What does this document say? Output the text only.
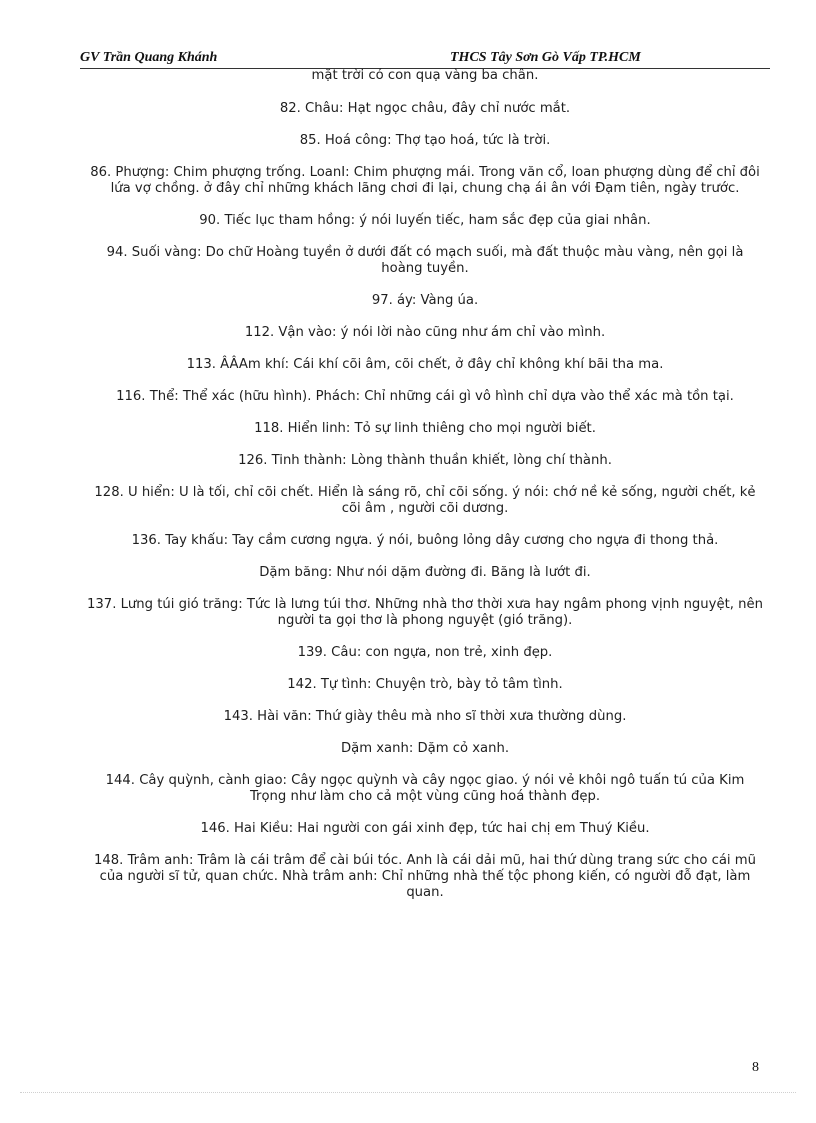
GV Trần Quang Khánh	THCS Tây Sơn Gò Vấp TP.HCM

mặt trời có con quạ vàng ba chân.

82. Châu: Hạt ngọc châu, đây chỉ nước mắt.

85. Hoá công: Thợ tạo hoá, tức là trời.

86. Phượng: Chim phượng trống. LoanI: Chim phượng mái. Trong văn cổ, loan phượng dùng để chỉ đôi lứa vợ chồng. ở đây chỉ những khách lãng chơi đi lại, chung chạ ái ân với Đạm tiên, ngày trước.

90. Tiếc lục tham hồng: ý nói luyến tiếc, ham sắc đẹp của giai nhân.

94. Suối vàng: Do chữ Hoàng tuyền ở dưới đất có mạch suối, mà đất thuộc màu vàng, nên gọi là hoàng tuyền.

97. áy: Vàng úa.

112. Vận vào: ý nói lời nào cũng như ám chỉ vào mình.

113. ÂÂAm khí: Cái khí cõi âm, cõi chết, ở đây chỉ không khí bãi tha ma.

116. Thể: Thể xác (hữu hình). Phách: Chỉ những cái gì vô hình chỉ dựa vào thể xác mà tồn tại.

118. Hiển linh: Tỏ sự linh thiêng cho mọi người biết.

126. Tinh thành: Lòng thành thuần khiết, lòng chí thành.

128. U hiển: U là tối, chỉ cõi chết. Hiển là sáng rõ, chỉ cõi sống. ý nói: chớ nề kẻ sống, người chết, kẻ cõi âm , người cõi dương.

136. Tay khấu: Tay cầm cương ngựa. ý nói, buông lỏng dây cương cho ngựa đi thong thả.

Dặm băng: Như nói dặm đường đi. Băng là lướt đi.

137. Lưng túi gió trăng: Tức là lưng túi thơ. Những nhà thơ thời xưa hay ngâm phong vịnh nguyệt, nên người ta gọi thơ là phong nguyệt (gió trăng).

139. Câu: con ngựa, non trẻ, xinh đẹp.

142. Tự tình: Chuyện trò, bày tỏ tâm tình.

143. Hài văn: Thứ giày thêu mà nho sĩ thời xưa thường dùng.

Dặm xanh: Dặm cỏ xanh.

144. Cây quỳnh, cành giao: Cây ngọc quỳnh và cây ngọc giao. ý nói vẻ khôi ngô tuấn tú của Kim Trọng như làm cho cả một vùng cũng hoá thành đẹp.

146. Hai Kiều: Hai người con gái xinh đẹp, tức hai chị em Thuý Kiều.

148. Trâm anh: Trâm là cái trâm để cài búi tóc. Anh là cái dải mũ, hai thứ dùng trang sức cho cái mũ của người sĩ tử, quan chức. Nhà trâm anh: Chỉ những nhà thế tộc phong kiến, có người đỗ đạt, làm quan.

8
